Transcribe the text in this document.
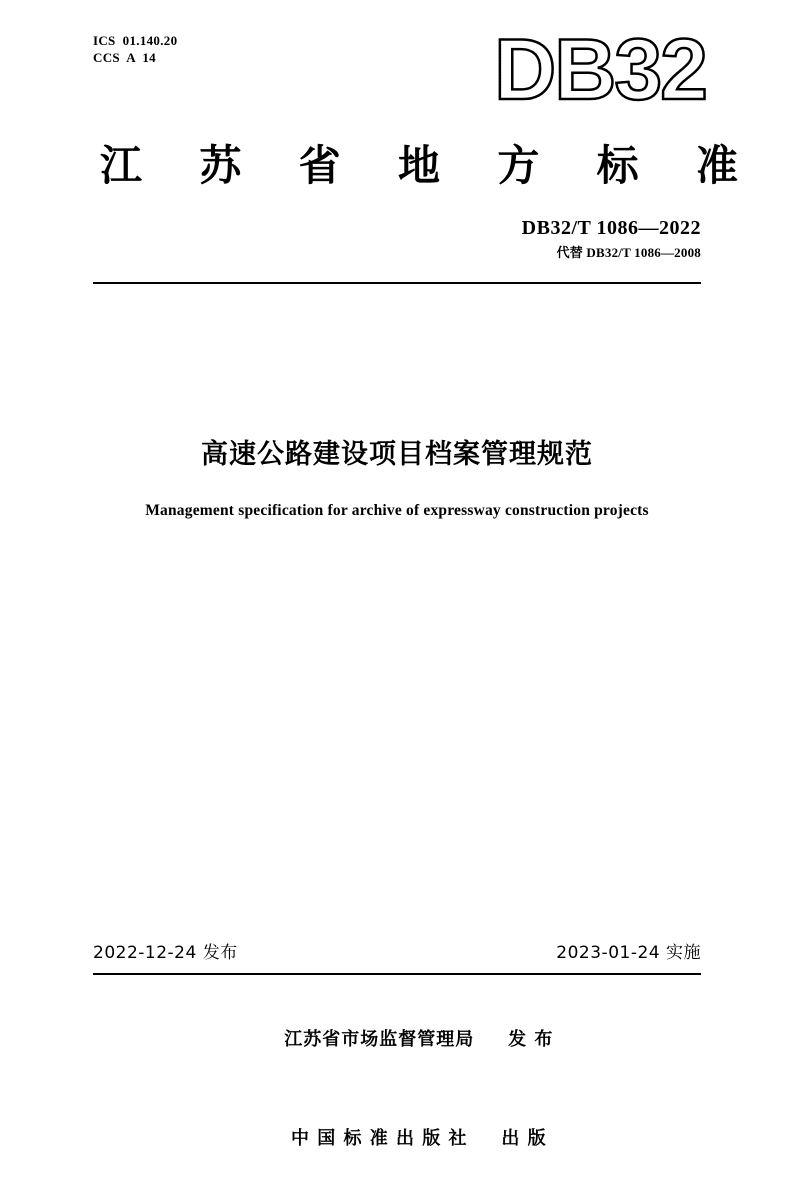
ICS  01.140.20
CCS  A  14	DB32
江 苏 省 地 方 标 准
DB32/T 1086—2022
代替 DB32/T 1086—2008
高速公路建设项目档案管理规范
Management specification for archive of expressway construction projects
2022-12-24 发布	2023-01-24 实施

江苏省市场监督管理局 发 布

中 国 标 准 出 版 社 出 版
